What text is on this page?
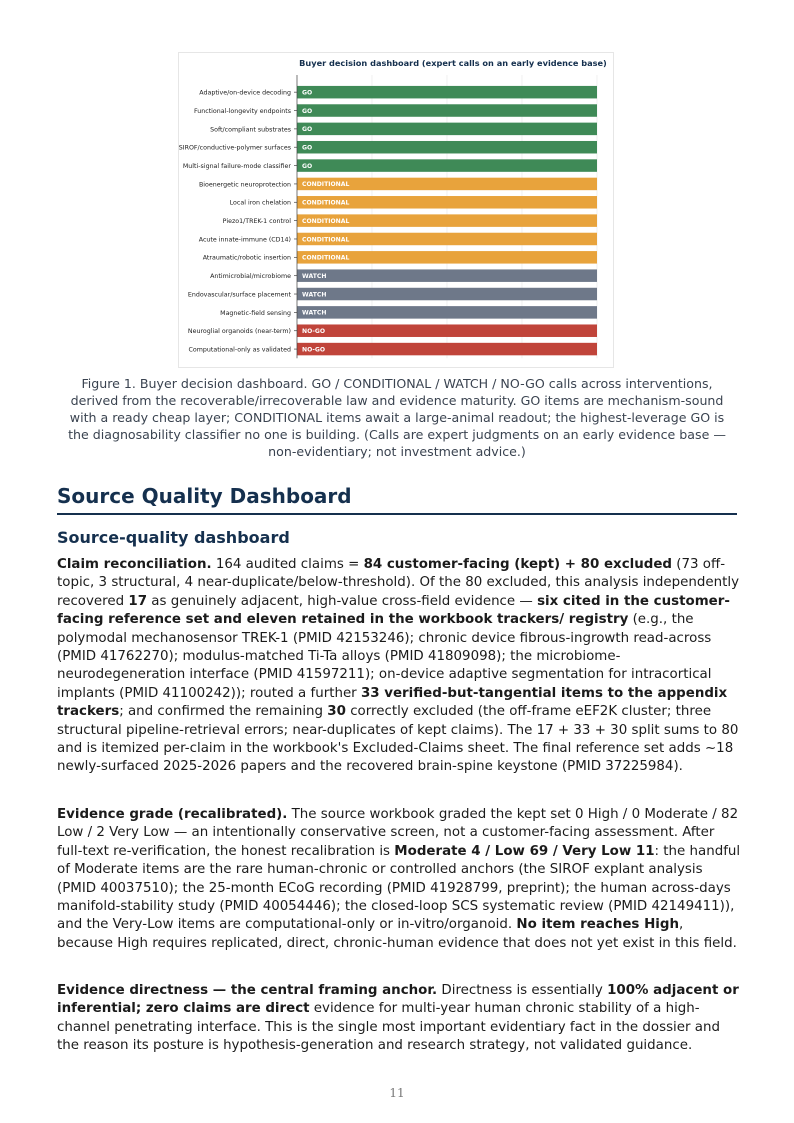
Buyer decision dashboard (expert calls on an early evidence base)
Adaptive/on-device decoding GO
Functional-longevity endpoints GO
Soft/compliant substrates GO
SIROF/conductive-polymer surfaces GO
Multi-signal failure-mode classifier GO
Bioenergetic neuroprotection CONDITIONAL
Local iron chelation CONDITIONAL
Piezo1/TREK-1 control CONDITIONAL
Acute innate-immune (CD14) CONDITIONAL
Atraumatic/robotic insertion CONDITIONAL
Antimicrobial/microbiome WATCH
Endovascular/surface placement WATCH
Magnetic-field sensing WATCH
Neuroglial organoids (near-term) NO-GO
Computational-only as validated NO-GO

Figure 1. Buyer decision dashboard. GO / CONDITIONAL / WATCH / NO-GO calls across interventions, derived from the recoverable/irrecoverable law and evidence maturity. GO items are mechanism-sound with a ready cheap layer; CONDITIONAL items await a large-animal readout; the highest-leverage GO is the diagnosability classifier no one is building. (Calls are expert judgments on an early evidence base — non-evidentiary; not investment advice.)

Source Quality Dashboard
Source-quality dashboard

Claim reconciliation. 164 audited claims = 84 customer-facing (kept) + 80 excluded (73 off-topic, 3 structural, 4 near-duplicate/below-threshold). Of the 80 excluded, this analysis independently recovered 17 as genuinely adjacent, high-value cross-field evidence — six cited in the customer-facing reference set and eleven retained in the workbook trackers/ registry (e.g., the polymodal mechanosensor TREK-1 (PMID 42153246); chronic device fibrous-ingrowth read-across (PMID 41762270); modulus-matched Ti-Ta alloys (PMID 41809098); the microbiome-neurodegeneration interface (PMID 41597211); on-device adaptive segmentation for intracortical implants (PMID 41100242)); routed a further 33 verified-but-tangential items to the appendix trackers; and confirmed the remaining 30 correctly excluded (the off-frame eEF2K cluster; three structural pipeline-retrieval errors; near-duplicates of kept claims). The 17 + 33 + 30 split sums to 80 and is itemized per-claim in the workbook's Excluded-Claims sheet. The final reference set adds ~18 newly-surfaced 2025-2026 papers and the recovered brain-spine keystone (PMID 37225984).

Evidence grade (recalibrated). The source workbook graded the kept set 0 High / 0 Moderate / 82 Low / 2 Very Low — an intentionally conservative screen, not a customer-facing assessment. After full-text re-verification, the honest recalibration is Moderate 4 / Low 69 / Very Low 11: the handful of Moderate items are the rare human-chronic or controlled anchors (the SIROF explant analysis (PMID 40037510); the 25-month ECoG recording (PMID 41928799, preprint); the human across-days manifold-stability study (PMID 40054446); the closed-loop SCS systematic review (PMID 42149411)), and the Very-Low items are computational-only or in-vitro/organoid. No item reaches High, because High requires replicated, direct, chronic-human evidence that does not yet exist in this field.

Evidence directness — the central framing anchor. Directness is essentially 100% adjacent or inferential; zero claims are direct evidence for multi-year human chronic stability of a high-channel penetrating interface. This is the single most important evidentiary fact in the dossier and the reason its posture is hypothesis-generation and research strategy, not validated guidance.

11
